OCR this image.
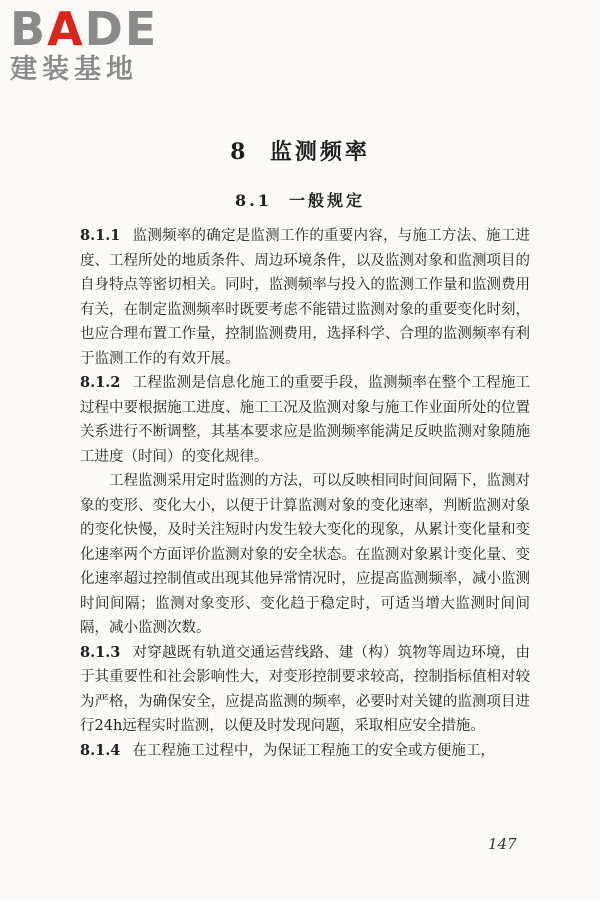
BADE
建装基地
8 监测频率
8.1 一般规定

8.1.1 监测频率的确定是监测工作的重要内容，与施工方法、施工进度、工程所处的地质条件、周边环境条件，以及监测对象和监测项目的自身特点等密切相关。同时，监测频率与投入的监测工作量和监测费用有关，在制定监测频率时既要考虑不能错过监测对象的重要变化时刻，也应合理布置工作量，控制监测费用，选择科学、合理的监测频率有利于监测工作的有效开展。

8.1.2 工程监测是信息化施工的重要手段，监测频率在整个工程施工过程中要根据施工进度、施工工况及监测对象与施工作业面所处的位置关系进行不断调整，其基本要求应是监测频率能满足反映监测对象随施工进度（时间）的变化规律。

工程监测采用定时监测的方法，可以反映相同时间间隔下，监测对象的变形、变化大小，以便于计算监测对象的变化速率，判断监测对象的变化快慢，及时关注短时内发生较大变化的现象，从累计变化量和变化速率两个方面评价监测对象的安全状态。在监测对象累计变化量、变化速率超过控制值或出现其他异常情况时，应提高监测频率，减小监测时间间隔；监测对象变形、变化趋于稳定时，可适当增大监测时间间隔，减小监测次数。

8.1.3 对穿越既有轨道交通运营线路、建（构）筑物等周边环境，由于其重要性和社会影响性大，对变形控制要求较高，控制指标值相对较为严格，为确保安全，应提高监测的频率，必要时对关键的监测项目进行24h远程实时监测，以便及时发现问题，采取相应安全措施。

8.1.4 在工程施工过程中，为保证工程施工的安全或方便施工，

147
